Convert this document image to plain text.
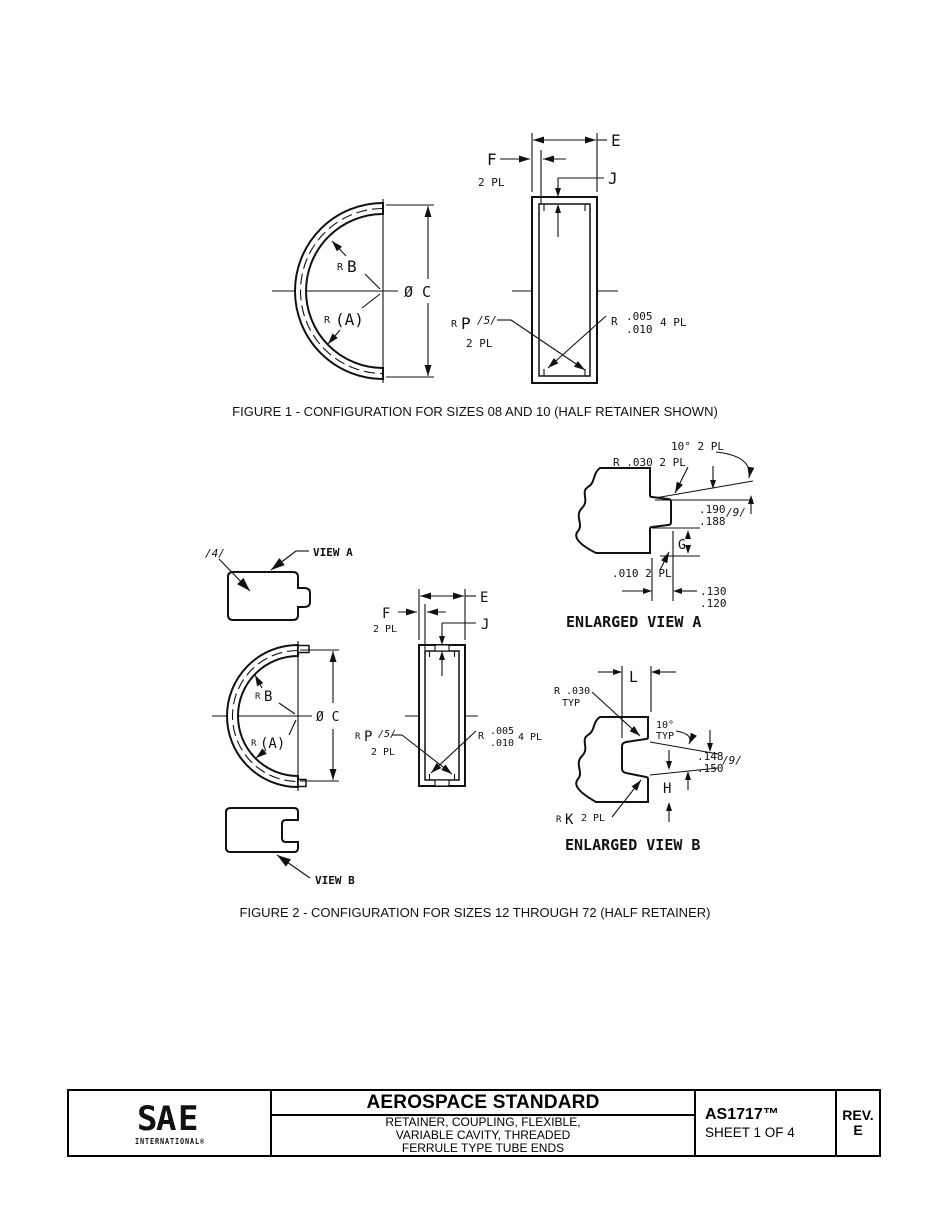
R B
R (A)
Ø C
E
F
2 PL	J
R P /5/
2 PL
R .005
.010
4 PL
FIGURE 1 - CONFIGURATION FOR SIZES 08 AND 10 (HALF RETAINER SHOWN)
/4/	VIEW A
R B
R (A)
Ø C
E
F
2 PL	J
R P /5/
2 PL
R .005
.010
4 PL
10° 2 PL
R .030 2 PL
.190
.188
/9/
G
.010 2 PL
.130
.120
ENLARGED VIEW A
L
R .030
TYP
10°
TYP
.148
.150
/9/
H
R K 2 PL
ENLARGED VIEW B
VIEW B
FIGURE 2 - CONFIGURATION FOR SIZES 12 THROUGH 72 (HALF RETAINER)
S E
A
INTERNATIONAL®
AEROSPACE STANDARD
RETAINER, COUPLING, FLEXIBLE,
VARIABLE CAVITY, THREADED
FERRULE TYPE TUBE ENDS
AS1717™
SHEET 1 OF 4
REV.
E
